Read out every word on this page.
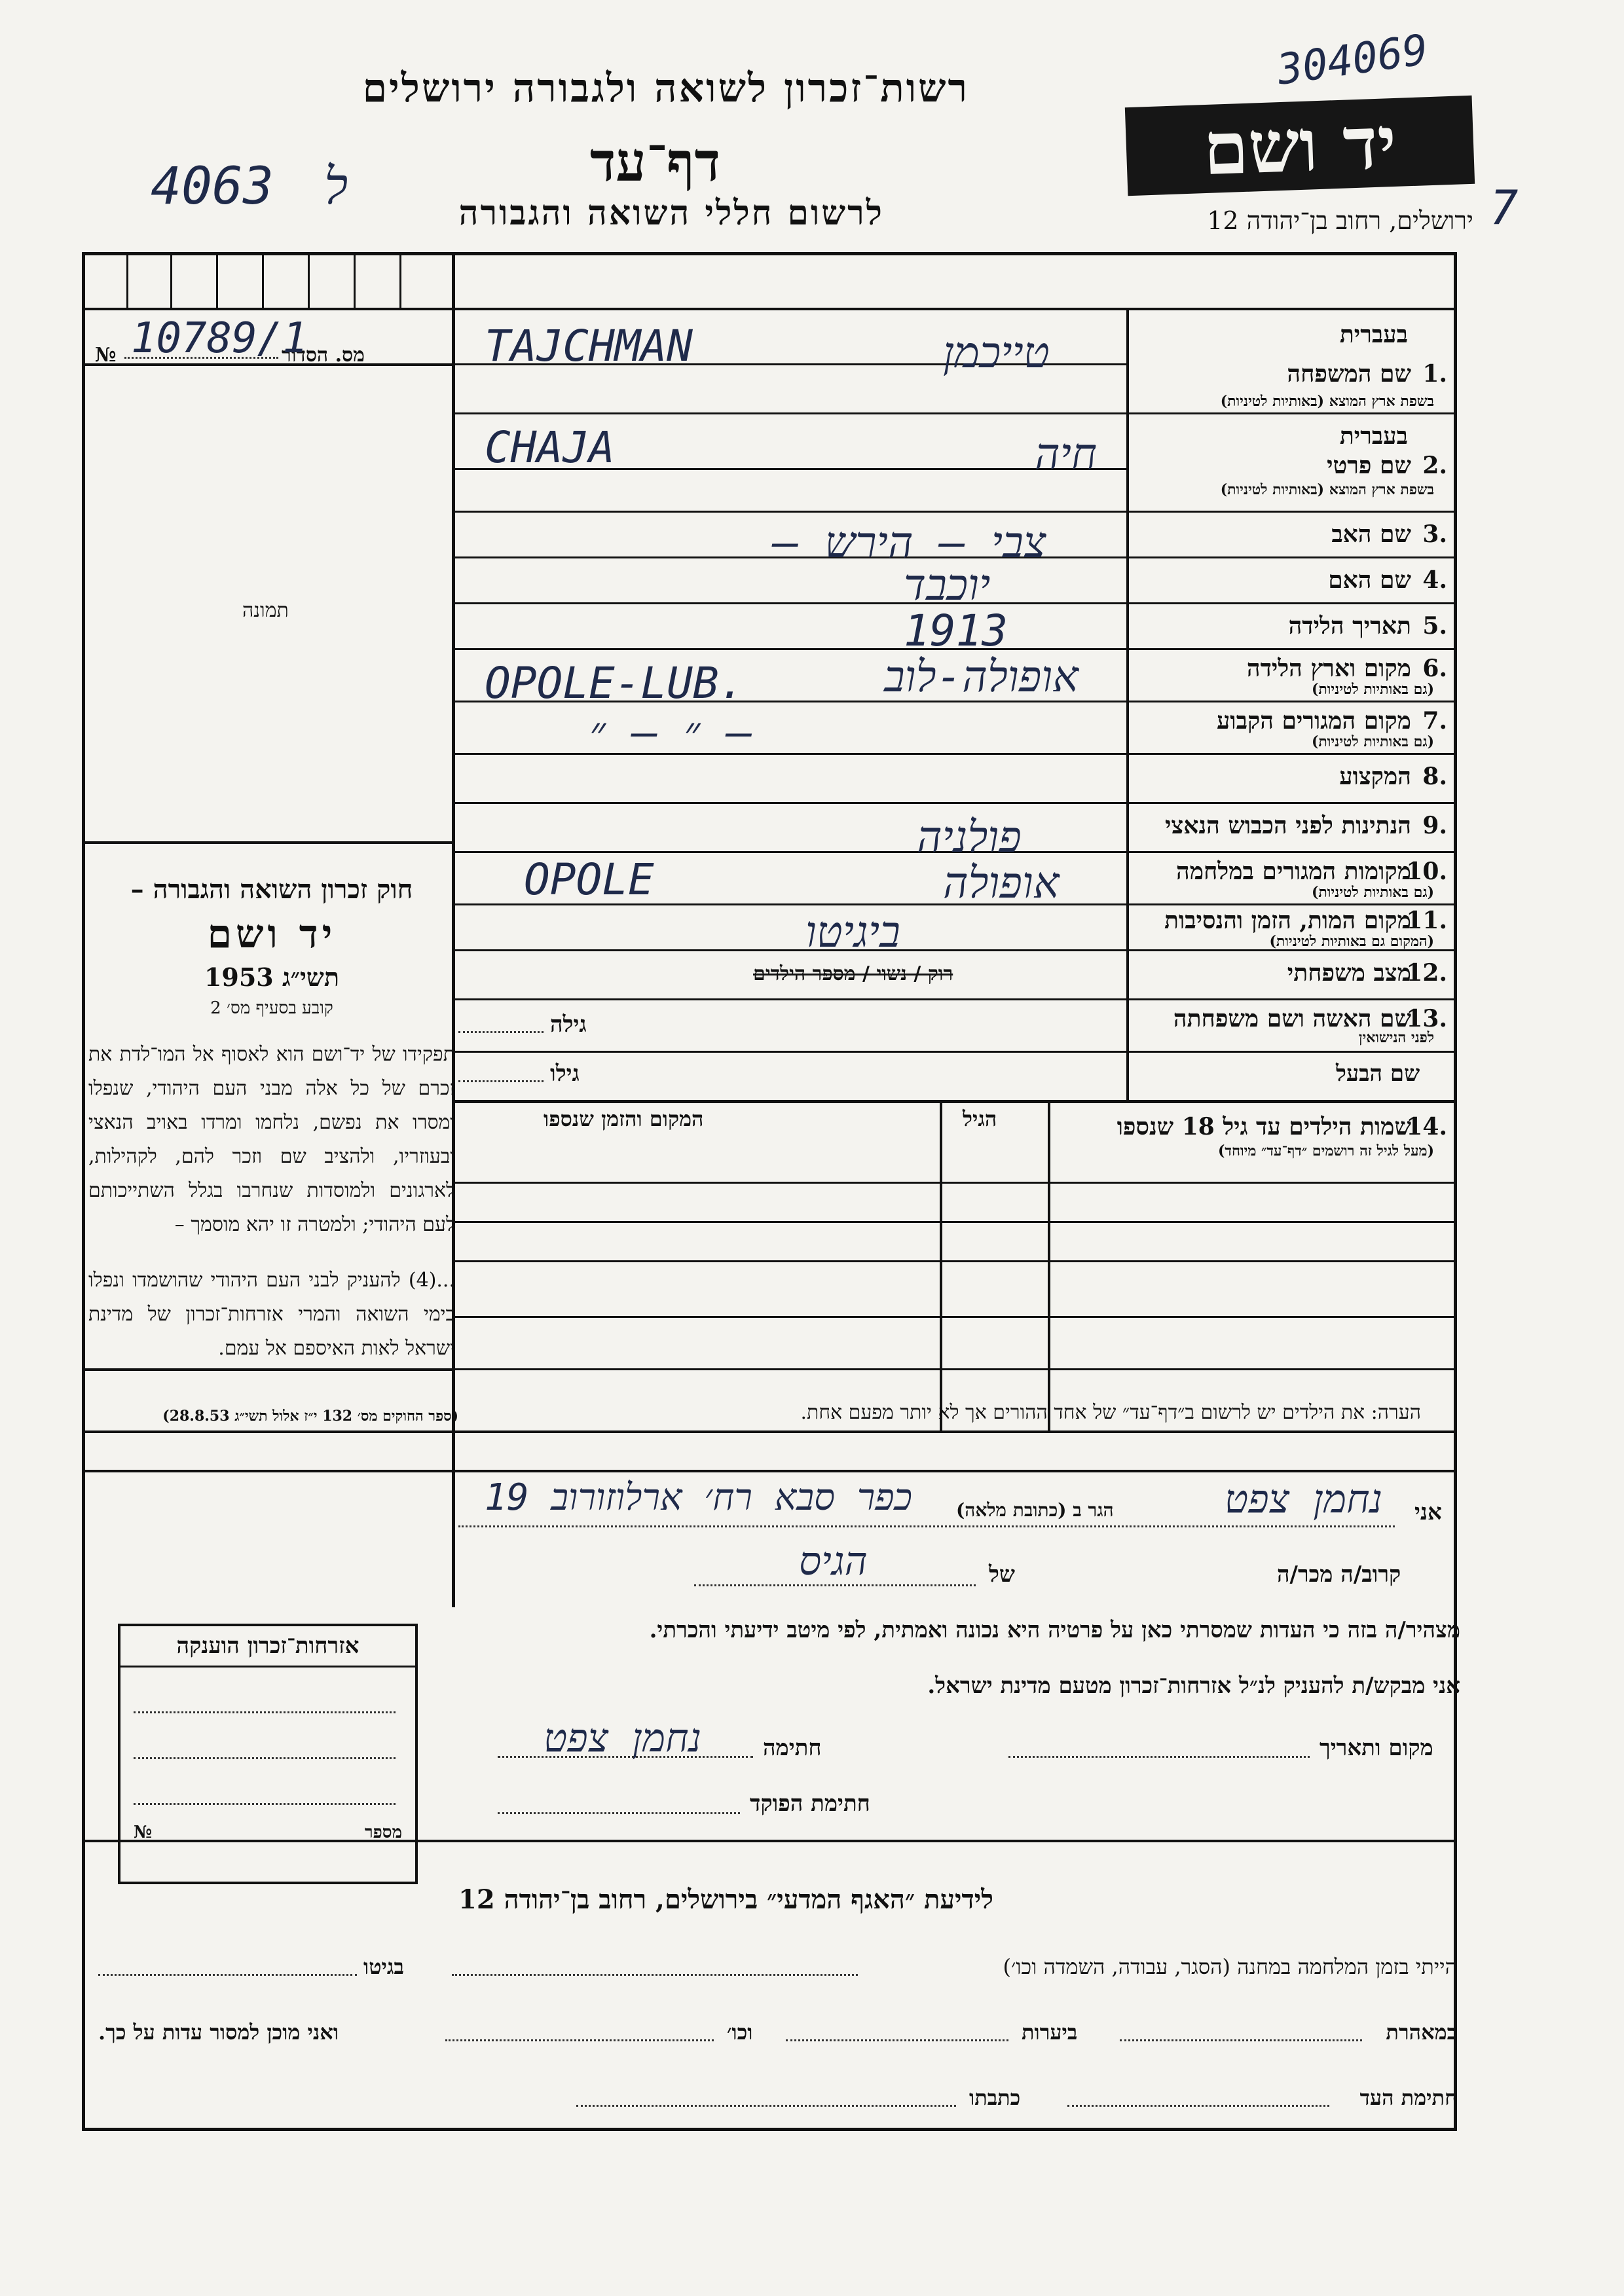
רשות־זכרון לשואה ולגבורה ירושלים
דף־עד
לרשום חללי השואה והגבורה
יד ושם
ירושלים, רחוב בן־יהודה 12
304069
4063 ל	7
מס. הסדור
№ 10789/1
תמונה
חוק זכרון השואה והגבורה –
יד ושם
תשי״ג 1953
קובע בסעיף מס׳ 2
תפקידו של יד־ושם הוא לאסוף אל המו־לדת את זכרם של כל אלה מבני העם היהודי, שנפלו ומסרו את נפשם, נלחמו ומרדו באויב הנאצי ובעוזריו, ולהציב שם וזכר להם, לקהילות, לארגונים ולמוסדות שנחרבו בגלל השתייכותם לעם היהודי; ולמטרה זו יהא מוסמך –
...(4) להעניק לבני העם היהודי שהושמדו ונפלו בימי השואה והמרי אזרחות־זכרון של מדינת ישראל לאות האיספם אל עמם.
(ספר החוקים מס׳ 132 י״ז אלול תשי״ג 28.8.53)
בעברית
1.
שם המשפחה
בשפת ארץ המוצא (באותיות לטיניות)
TAJCHMAN	טייכמן
בעברית
2.
שם פרטי
בשפת ארץ המוצא (באותיות לטיניות)
CHAJA	חיה
3.
שם האב
צבי – הירש –
4.
שם האם
יוכבד
5.
תאריך הלידה
1913
6.
מקום וארץ הלידה
(גם באותיות לטיניות)
OPOLE-LUB.	אופולה-לוב
7.
מקום המגורים הקבוע
(גם באותיות לטיניות)
– ״ – ״
8.
המקצוע
9.
הנתינות לפני הכבוש הנאצי
פולניה
10.
מקומות המגורים במלחמה
(גם באותיות לטיניות)
OPOLE	אופולה
11.
מקום המות, הזמן והנסיבות
(המקום גם באותיות לטיניות)
ביגיטו
12.
מצב משפחתי
רוק / נשוי / מספר הילדים
13.
שם האשה ושם משפחתה
לפני הנישואין
גילה
שם הבעל
גילו
14.
שמות הילדים עד גיל 18 שנספו
(מעל לגיל זה רושמים ״דף־עד״ מיוחד)
הגיל
המקום והזמן שנספו
הערה: את הילדים יש לרשום ב״דף־עד״ של אחד ההורים אך לא יותר מפעם אחת.
אני
נחמן צפט
הגר ב (כתובת מלאה)
כפר סבא רח׳ ארלוזורוב 19
קרוב/ה מכר/ה
של
הגיס
מצהיר/ה בזה כי העדות שמסרתי כאן על פרטיה היא נכונה ואמתית, לפי מיטב ידיעתי והכרתי.
אני מבקש/ת להעניק לנ״ל אזרחות־זכרון מטעם מדינת ישראל.
מקום ותאריך
חתימה
נחמן צפט
חתימת הפוקד
אזרחות־זכרון הוענקה
מספר
№
לידיעת ״האגף המדעי״ בירושלים, רחוב בן־יהודה 12
הייתי בזמן המלחמה במחנה (הסגר, עבודה, השמדה וכו׳)
בגיטו
במאהרת
ביערות
וכו׳
ואני מוכן למסור עדות על כך.
חתימת העד
כתבתו
